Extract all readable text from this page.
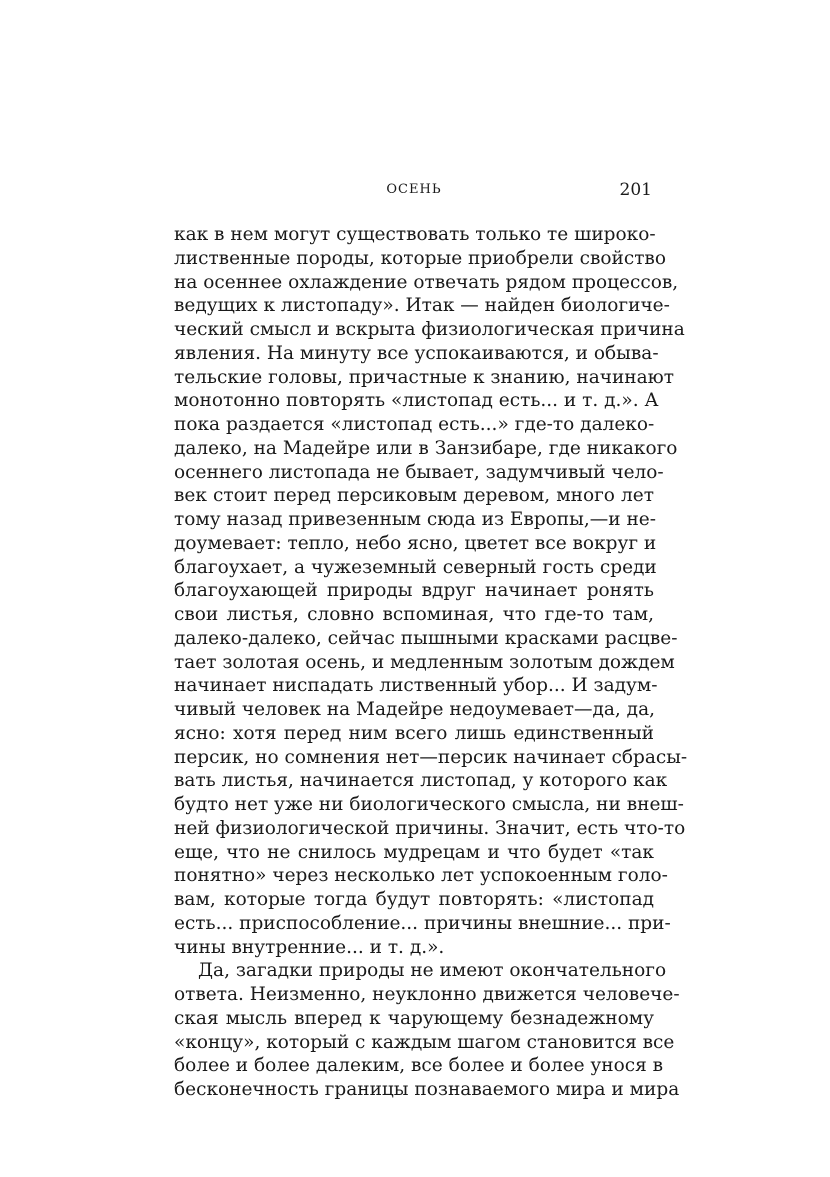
ОСЕНЬ	201
как в нем могут существовать только те широко-
лиственные породы, которые приобрели свойство
на осеннее охлаждение отвечать рядом процессов,
ведущих к листопаду». Итак — найден биологиче-
ческий смысл и вскрыта физиологическая причина
явления. На минуту все успокаиваются, и обыва-
тельские головы, причастные к знанию, начинают
монотонно повторять «листопад есть... и т. д.». А
пока раздается «листопад есть...» где-то далеко-
далеко, на Мадейре или в Занзибаре, где никакого
осеннего листопада не бывает, задумчивый чело-
век стоит перед персиковым деревом, много лет
тому назад привезенным сюда из Европы,—и не-
доумевает: тепло, небо ясно, цветет все вокруг и
благоухает, а чужеземный северный гость среди
благоухающей природы вдруг начинает ронять
свои листья, словно вспоминая, что где-то там,
далеко-далеко, сейчас пышными красками расцве-
тает золотая осень, и медленным золотым дождем
начинает ниспадать лиственный убор... И задум-
чивый человек на Мадейре недоумевает—да, да,
ясно: хотя перед ним всего лишь единственный
персик, но сомнения нет—персик начинает сбрасы-
вать листья, начинается листопад, у которого как
будто нет уже ни биологического смысла, ни внеш-
ней физиологической причины. Значит, есть что-то
еще, что не снилось мудрецам и что будет «так
понятно» через несколько лет успокоенным голо-
вам, которые тогда будут повторять: «листопад
есть... приспособление... причины внешние... при-
чины внутренние... и т. д.».
Да, загадки природы не имеют окончательного
ответа. Неизменно, неуклонно движется человече-
ская мысль вперед к чарующему безнадежному
«концу», который с каждым шагом становится все
более и более далеким, все более и более унося в
бесконечность границы познаваемого мира и мира
